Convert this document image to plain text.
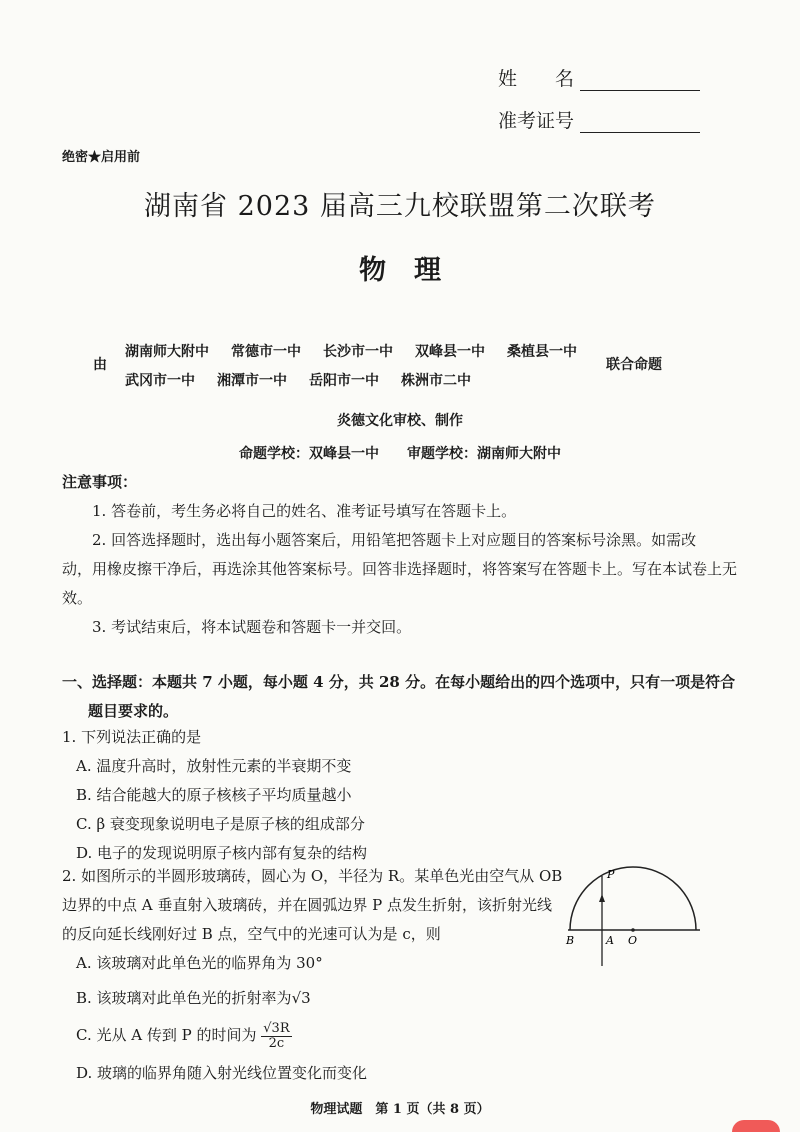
姓　　名
准考证号
绝密★启用前
湖南省 2023 届高三九校联盟第二次联考
物理
由
湖南师大附中 常德市一中 长沙市一中 双峰县一中 桑植县一中
武冈市一中 湘潭市一中 岳阳市一中 株洲市二中
联合命题
炎德文化审校、制作
命题学校：双峰县一中　　审题学校：湖南师大附中
注意事项：
1. 答卷前，考生务必将自己的姓名、准考证号填写在答题卡上。
2. 回答选择题时，选出每小题答案后，用铅笔把答题卡上对应题目的答案标号涂黑。如需改
动，用橡皮擦干净后，再选涂其他答案标号。回答非选择题时，将答案写在答题卡上。写在本试卷上无
效。
3. 考试结束后，将本试题卷和答题卡一并交回。
一、选择题：本题共 7 小题，每小题 4 分，共 28 分。在每小题给出的四个选项中，只有一项是符合
题目要求的。
1. 下列说法正确的是
A. 温度升高时，放射性元素的半衰期不变
B. 结合能越大的原子核核子平均质量越小
C. β 衰变现象说明电子是原子核的组成部分
D. 电子的发现说明原子核内部有复杂的结构
2. 如图所示的半圆形玻璃砖，圆心为 O，半径为 R。某单色光由空气从 OB
边界的中点 A 垂直射入玻璃砖，并在圆弧边界 P 点发生折射，该折射光线
的反向延长线刚好过 B 点，空气中的光速可认为是 c，则
A. 该玻璃对此单色光的临界角为 30°
B. 该玻璃对此单色光的折射率为√3
C. 光从 A 传到 P 的时间为 $\frac{√3R}{2c}$
D. 玻璃的临界角随入射光线位置变化而变化
P
B	A O
物理试题　第 1 页（共 8 页）
